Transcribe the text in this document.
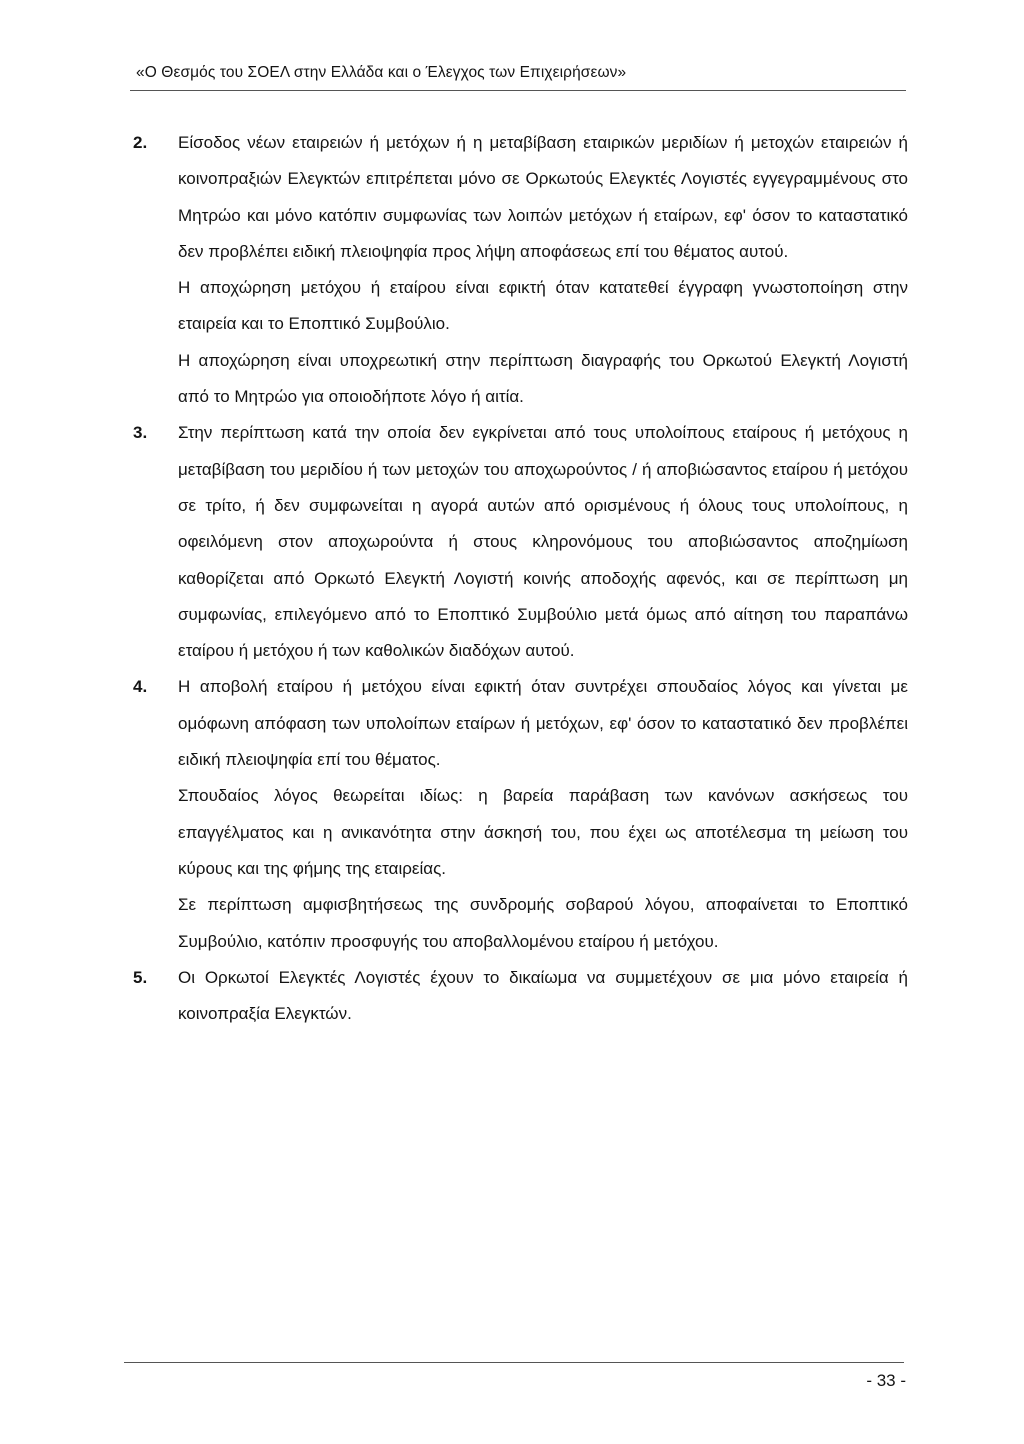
«Ο Θεσμός του ΣΟΕΛ στην Ελλάδα και ο Έλεγχος των Επιχειρήσεων»
2. Είσοδος νέων εταιρειών ή μετόχων ή η μεταβίβαση εταιρικών μεριδίων ή μετοχών εταιρειών ή κοινοπραξιών Ελεγκτών επιτρέπεται μόνο σε Ορκωτούς Ελεγκτές Λογιστές εγγεγραμμένους στο Μητρώο και μόνο κατόπιν συμφωνίας των λοιπών μετόχων ή εταίρων, εφ' όσον το καταστατικό δεν προβλέπει ειδική πλειοψηφία προς λήψη αποφάσεως επί του θέματος αυτού.

Η αποχώρηση μετόχου ή εταίρου είναι εφικτή όταν κατατεθεί έγγραφη γνωστοποίηση στην εταιρεία και το Εποπτικό Συμβούλιο.

Η αποχώρηση είναι υποχρεωτική στην περίπτωση διαγραφής του Ορκωτού Ελεγκτή Λογιστή από το Μητρώο για οποιοδήποτε λόγο ή αιτία.

3. Στην περίπτωση κατά την οποία δεν εγκρίνεται από τους υπολοίπους εταίρους ή μετόχους η μεταβίβαση του μεριδίου ή των μετοχών του αποχωρούντος / ή αποβιώσαντος εταίρου ή μετόχου σε τρίτο, ή δεν συμφωνείται η αγορά αυτών από ορισμένους ή όλους τους υπολοίπους, η οφειλόμενη στον αποχωρούντα ή στους κληρονόμους του αποβιώσαντος αποζημίωση καθορίζεται από Ορκωτό Ελεγκτή Λογιστή κοινής αποδοχής αφενός, και σε περίπτωση μη συμφωνίας, επιλεγόμενο από το Εποπτικό Συμβούλιο μετά όμως από αίτηση του παραπάνω εταίρου ή μετόχου ή των καθολικών διαδόχων αυτού.

4. Η αποβολή εταίρου ή μετόχου είναι εφικτή όταν συντρέχει σπουδαίος λόγος και γίνεται με ομόφωνη απόφαση των υπολοίπων εταίρων ή μετόχων, εφ' όσον το καταστατικό δεν προβλέπει ειδική πλειοψηφία επί του θέματος.

Σπουδαίος λόγος θεωρείται ιδίως: η βαρεία παράβαση των κανόνων ασκήσεως του επαγγέλματος και η ανικανότητα στην άσκησή του, που έχει ως αποτέλεσμα τη μείωση του κύρους και της φήμης της εταιρείας.

Σε περίπτωση αμφισβητήσεως της συνδρομής σοβαρού λόγου, αποφαίνεται το Εποπτικό Συμβούλιο, κατόπιν προσφυγής του αποβαλλομένου εταίρου ή μετόχου.

5. Οι Ορκωτοί Ελεγκτές Λογιστές έχουν το δικαίωμα να συμμετέχουν σε μια μόνο εταιρεία ή κοινοπραξία Ελεγκτών.

- 33 -
